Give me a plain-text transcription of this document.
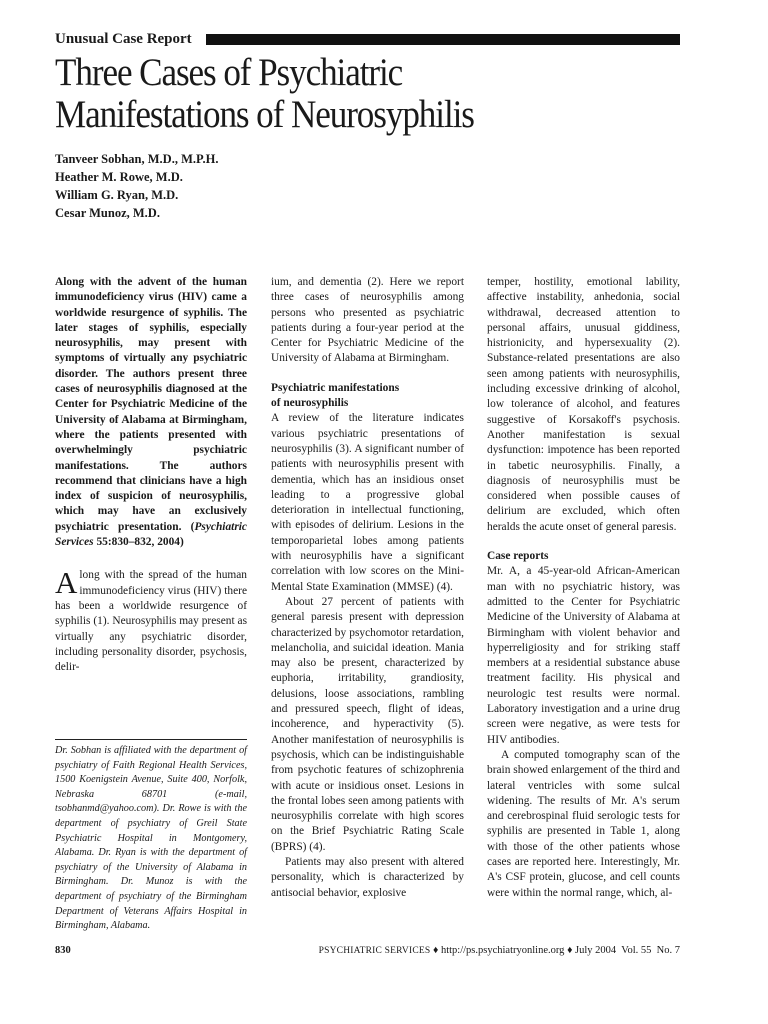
Unusual Case Report
Three Cases of Psychiatric
Manifestations of Neurosyphilis
Tanveer Sobhan, M.D., M.P.H.
Heather M. Rowe, M.D.
William G. Ryan, M.D.
Cesar Munoz, M.D.

Along with the advent of the human immunodeficiency virus (HIV) came a worldwide resurgence of syphilis. The later stages of syphilis, especially neurosyphilis, may present with symptoms of virtually any psychiatric disorder. The authors present three cases of neurosyphilis diagnosed at the Center for Psychiatric Medicine of the University of Alabama at Birmingham, where the patients presented with overwhelmingly psychiatric manifestations. The authors recommend that clinicians have a high index of suspicion of neurosyphilis, which may have an exclusively psychiatric presentation. (Psychiatric Services 55:830–832, 2004)

Along with the spread of the human immunodeficiency virus (HIV) there has been a worldwide resurgence of syphilis (1). Neurosyphilis may present as virtually any psychiatric disorder, including personality disorder, psychosis, delir-

Dr. Sobhan is affiliated with the department of psychiatry of Faith Regional Health Services, 1500 Koenigstein Avenue, Suite 400, Norfolk, Nebraska 68701 (e-mail, tsobhanmd@yahoo.com). Dr. Rowe is with the department of psychiatry of Greil State Psychiatric Hospital in Montgomery, Alabama. Dr. Ryan is with the department of psychiatry of the University of Alabama in Birmingham. Dr. Munoz is with the department of psychiatry of the Birmingham Department of Veterans Affairs Hospital in Birmingham, Alabama.

ium, and dementia (2). Here we report three cases of neurosyphilis among persons who presented as psychiatric patients during a four-year period at the Center for Psychiatric Medicine of the University of Alabama at Birmingham.

Psychiatric manifestations
of neurosyphilis

A review of the literature indicates various psychiatric presentations of neurosyphilis (3). A significant number of patients with neurosyphilis present with dementia, which has an insidious onset leading to a progressive global deterioration in intellectual functioning, with episodes of delirium. Lesions in the temporoparietal lobes among patients with neurosyphilis have a significant correlation with low scores on the Mini-Mental State Examination (MMSE) (4).

About 27 percent of patients with general paresis present with depression characterized by psychomotor retardation, melancholia, and suicidal ideation. Mania may also be present, characterized by euphoria, irritability, grandiosity, delusions, loose associations, rambling and pressured speech, flight of ideas, incoherence, and hyperactivity (5). Another manifestation of neurosyphilis is psychosis, which can be indistinguishable from psychotic features of schizophrenia with acute or insidious onset. Lesions in the frontal lobes seen among patients with neurosyphilis correlate with high scores on the Brief Psychiatric Rating Scale (BPRS) (4).

Patients may also present with altered personality, which is characterized by antisocial behavior, explosive

temper, hostility, emotional lability, affective instability, anhedonia, social withdrawal, decreased attention to personal affairs, unusual giddiness, histrionicity, and hypersexuality (2). Substance-related presentations are also seen among patients with neurosyphilis, including excessive drinking of alcohol, low tolerance of alcohol, and features suggestive of Korsakoff's psychosis. Another manifestation is sexual dysfunction: impotence has been reported in tabetic neurosyphilis. Finally, a diagnosis of neurosyphilis must be considered when possible causes of delirium are excluded, which often heralds the acute onset of general paresis.

Case reports

Mr. A, a 45-year-old African-American man with no psychiatric history, was admitted to the Center for Psychiatric Medicine of the University of Alabama at Birmingham with violent behavior and hyperreligiosity and for striking staff members at a residential substance abuse treatment facility. His physical and neurologic test results were normal. Laboratory investigation and a urine drug screen were negative, as were tests for HIV antibodies.

A computed tomography scan of the brain showed enlargement of the third and lateral ventricles with some sulcal widening. The results of Mr. A's serum and cerebrospinal fluid serologic tests for syphilis are presented in Table 1, along with those of the other patients whose cases are reported here. Interestingly, Mr. A's CSF protein, glucose, and cell counts were within the normal range, which, al-

830	PSYCHIATRIC SERVICES ♦ http://ps.psychiatryonline.org ♦ July 2004 Vol. 55 No. 7
